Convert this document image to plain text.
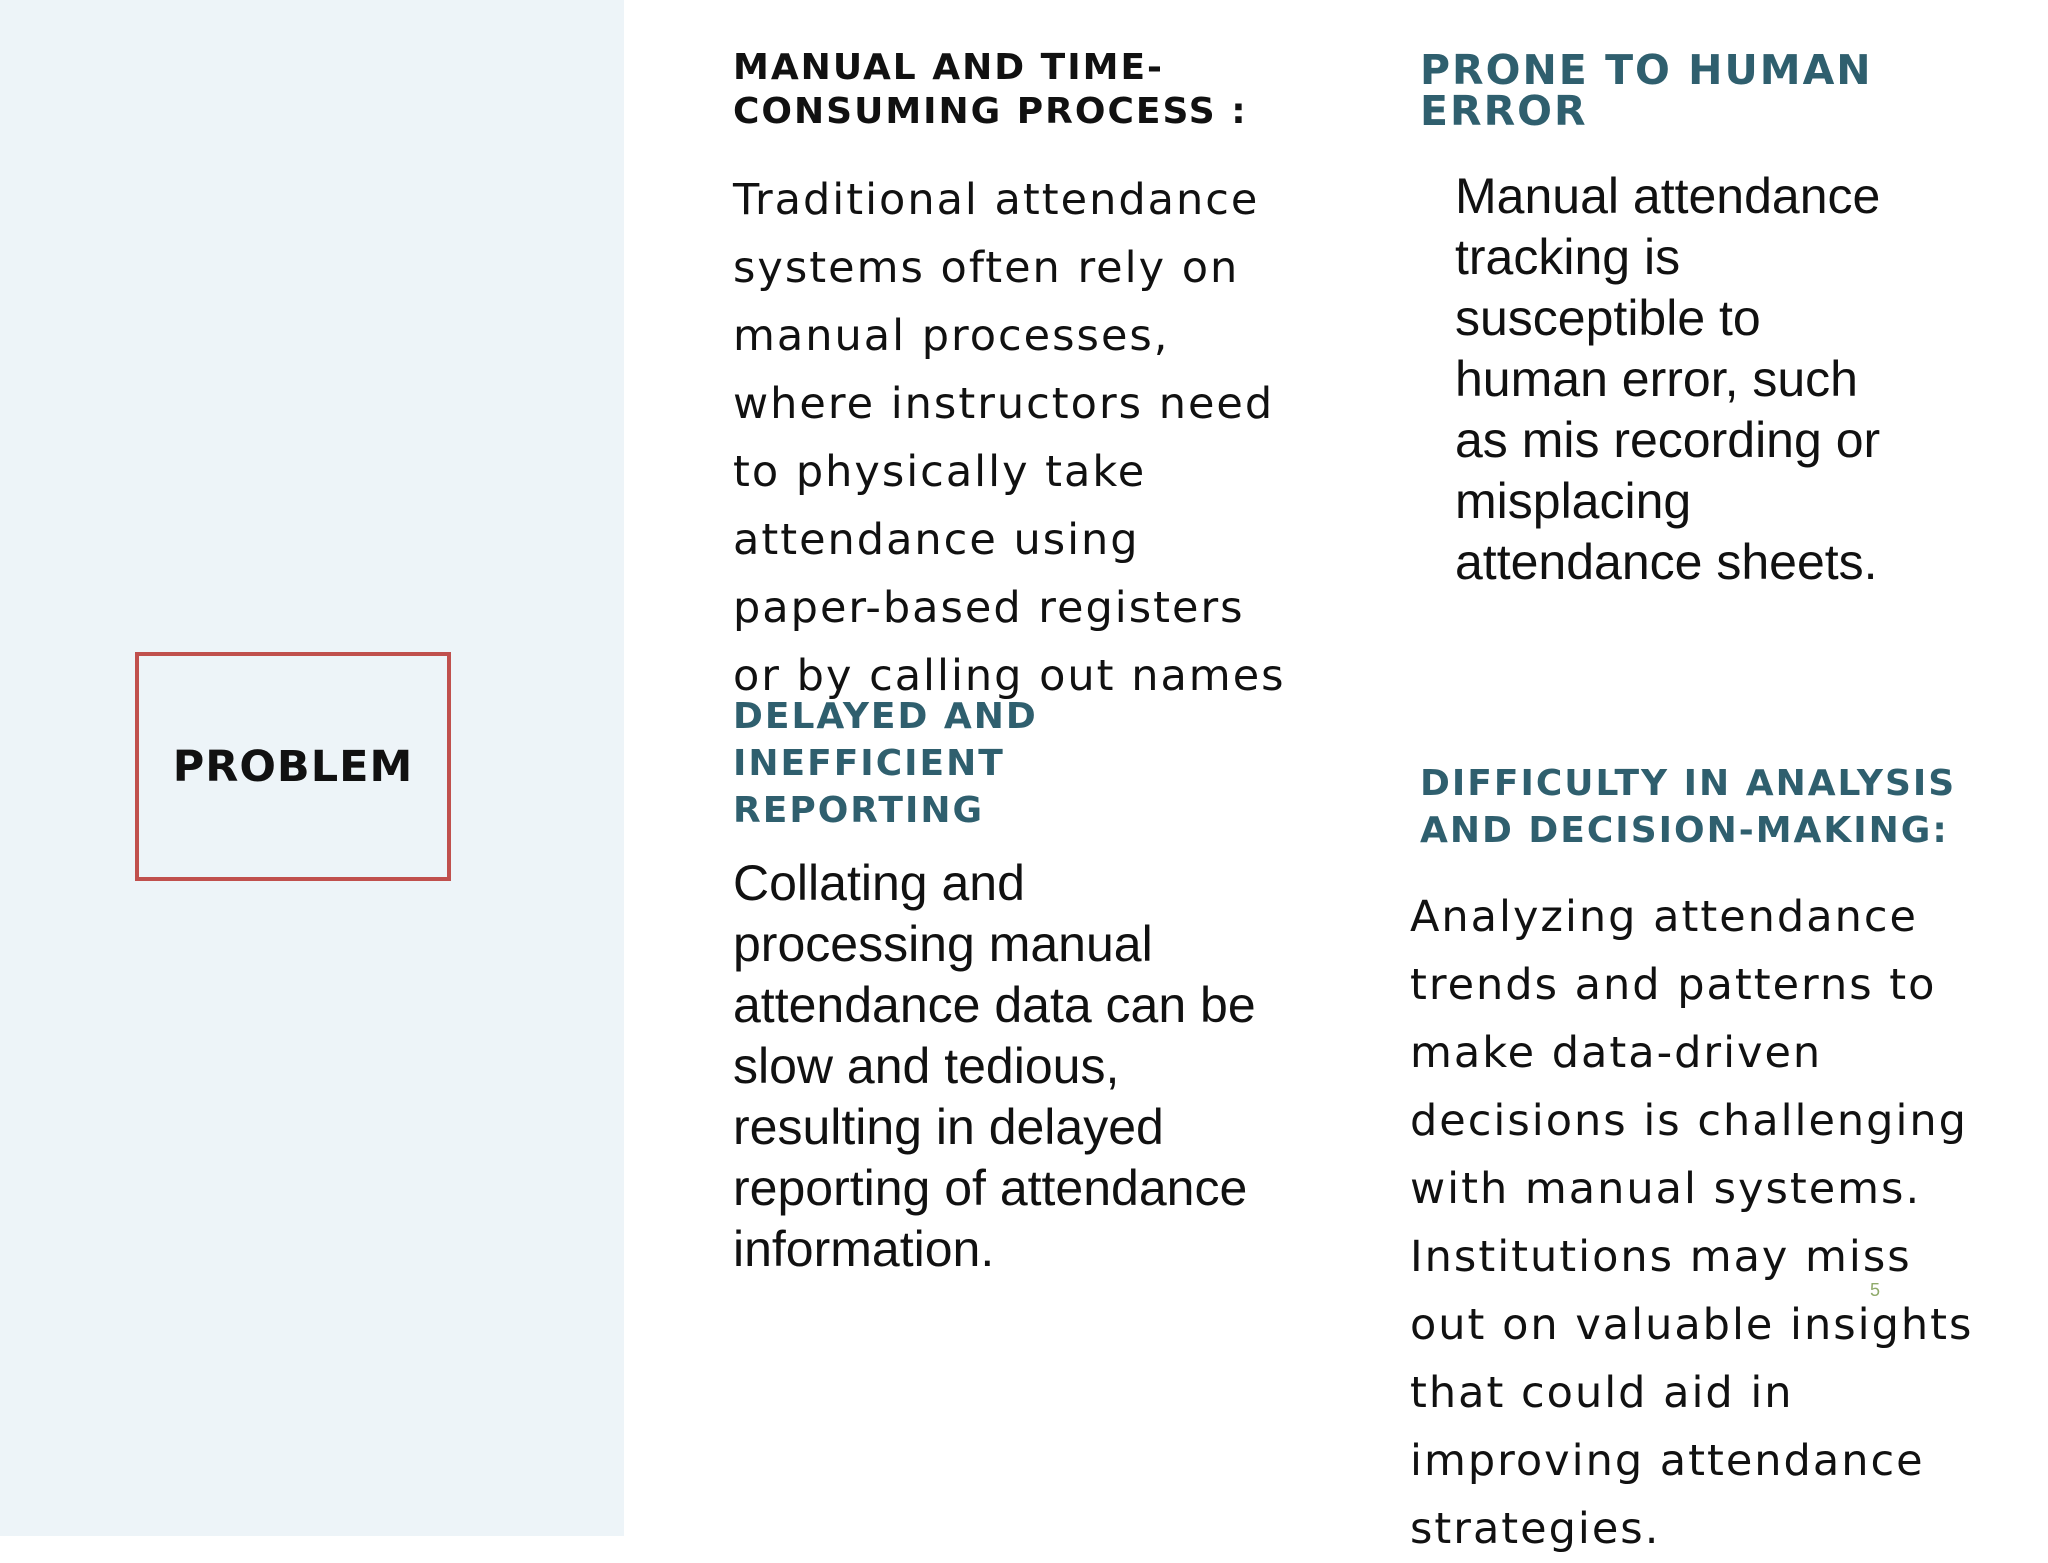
PROBLEM
MANUAL AND TIME-
CONSUMING PROCESS :

Traditional attendance
systems often rely on
manual processes,
where instructors need
to physically take
attendance using
paper-based registers
or by calling out names

PRONE TO HUMAN
ERROR

Manual attendance
tracking is
susceptible to
human error, such
as mis recording or
misplacing
attendance sheets.

DELAYED AND
INEFFICIENT
REPORTING

Collating and
processing manual
attendance data can be
slow and tedious,
resulting in delayed
reporting of attendance
information.

DIFFICULTY IN ANALYSIS
AND DECISION-MAKING:

Analyzing attendance
trends and patterns to
make data-driven
decisions is challenging
with manual systems.
Institutions may miss
out on valuable insights
that could aid in
improving attendance
strategies.

5
